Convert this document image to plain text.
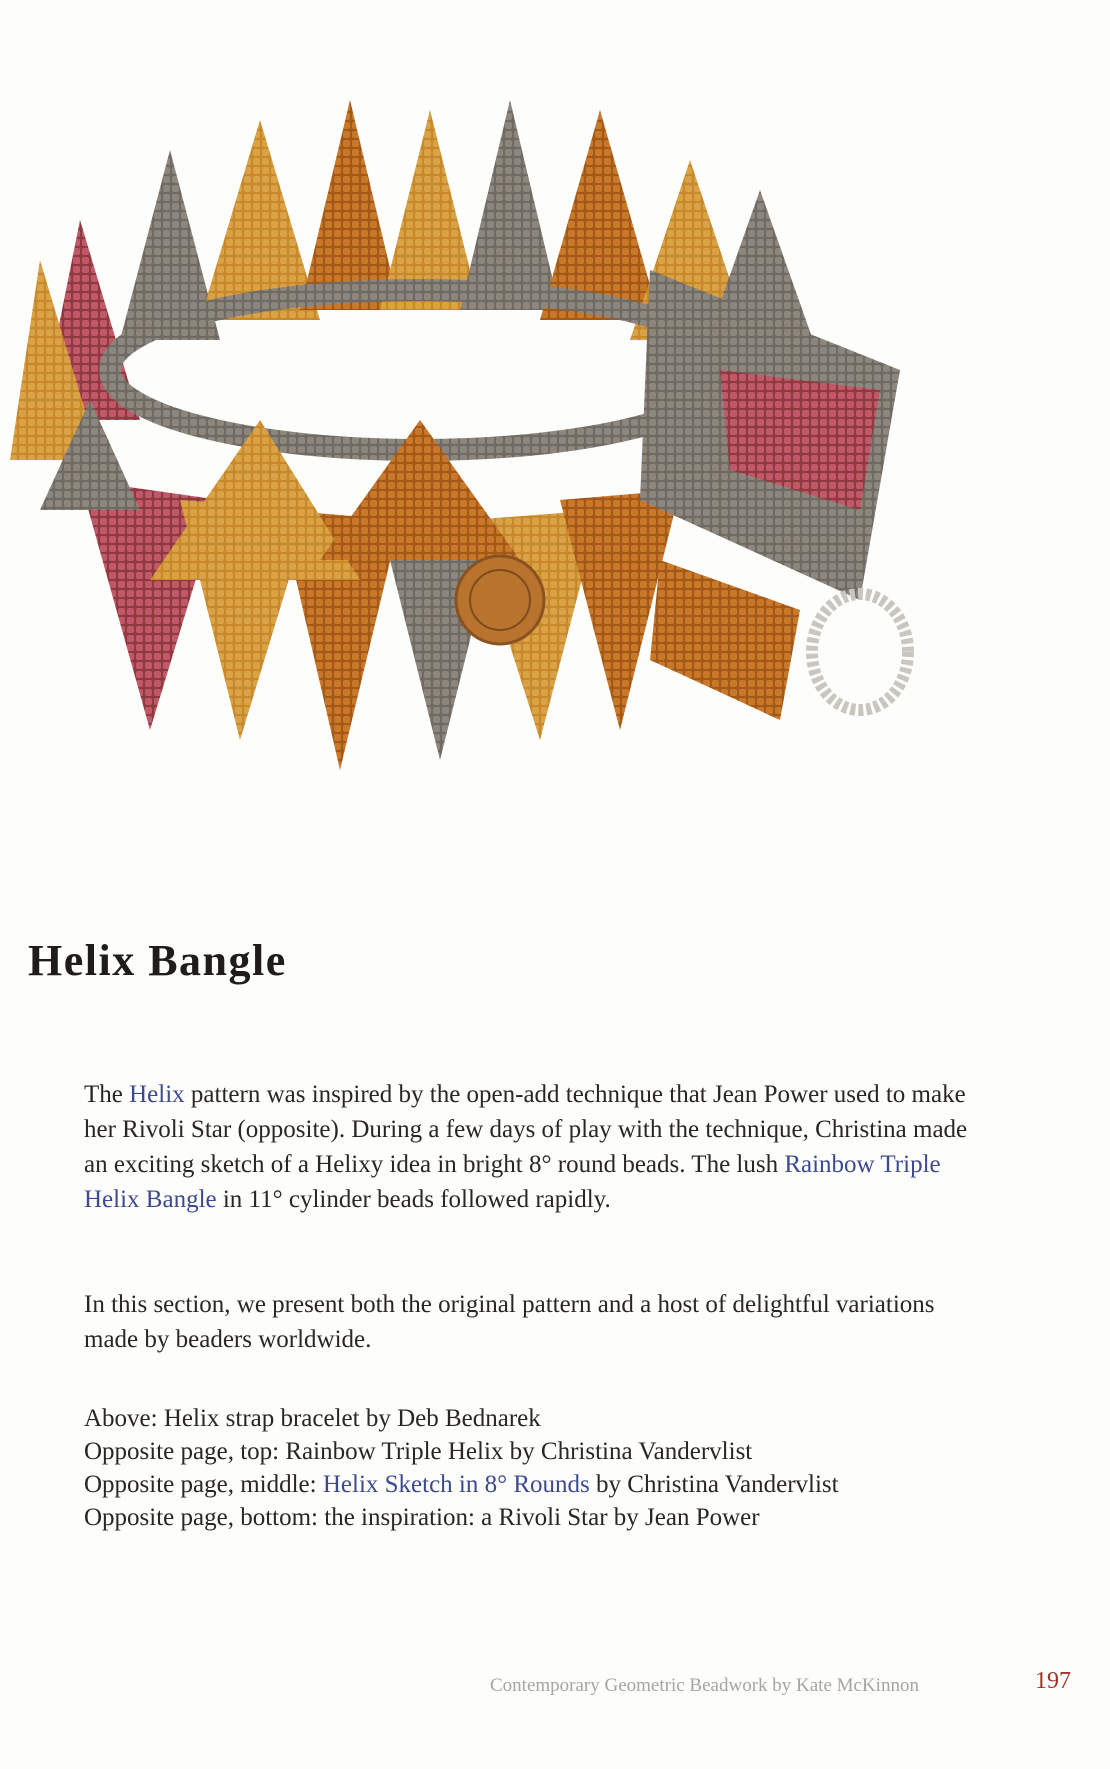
Helix Bangle

The Helix pattern was inspired by the open-add technique that Jean Power used to make her Rivoli Star (opposite). During a few days of play with the technique, Christina made an exciting sketch of a Helixy idea in bright 8° round beads. The lush Rainbow Triple Helix Bangle in 11° cylinder beads followed rapidly.

In this section, we present both the original pattern and a host of delightful variations made by beaders worldwide.

Above: Helix strap bracelet by Deb Bednarek
Opposite page, top: Rainbow Triple Helix by Christina Vandervlist
Opposite page, middle: Helix Sketch in 8° Rounds by Christina Vandervlist
Opposite page, bottom: the inspiration: a Rivoli Star by Jean Power
Contemporary Geometric Beadwork by Kate McKinnon	197
